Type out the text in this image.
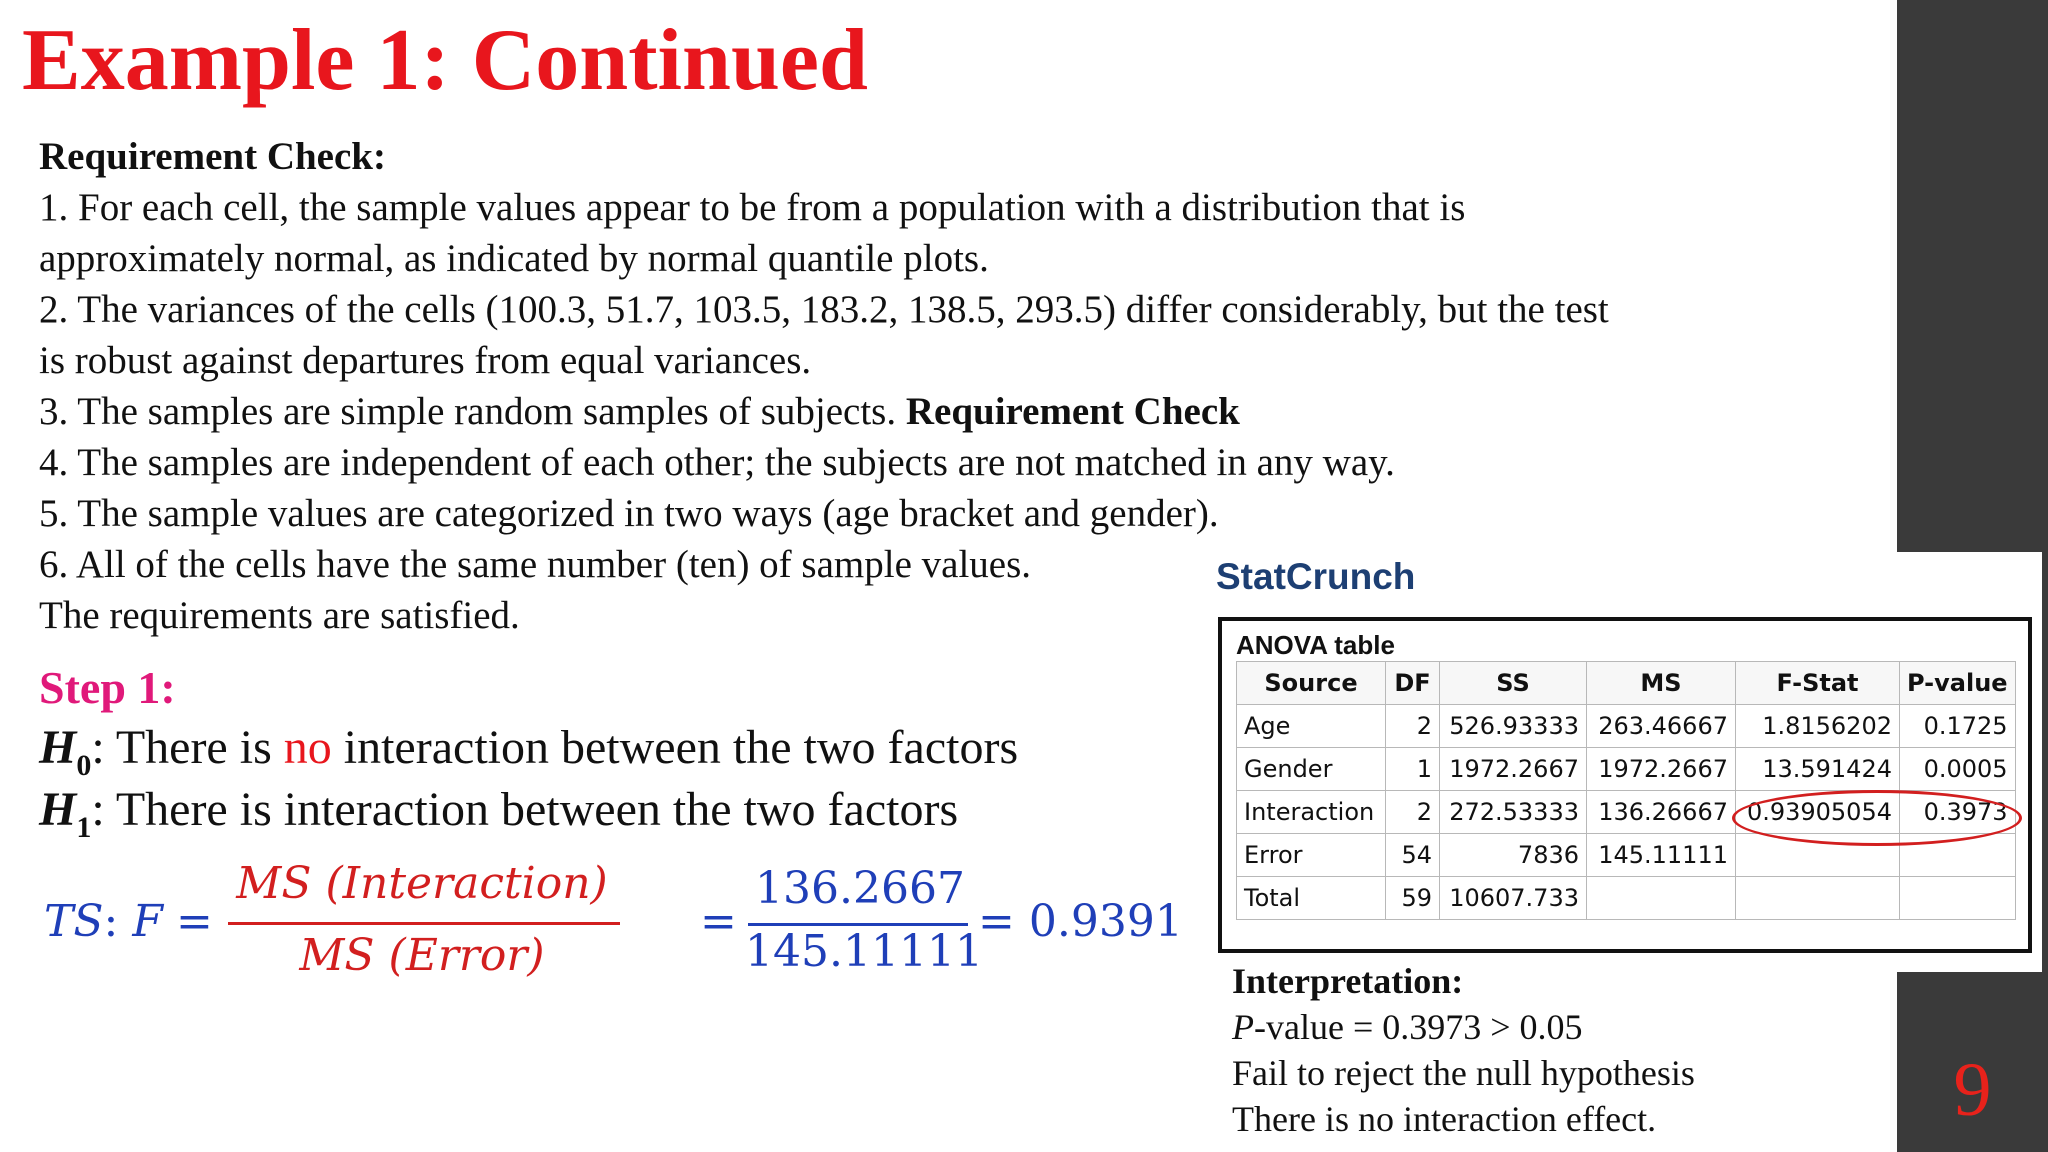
9
Example 1: Continued
Requirement Check:
1. For each cell, the sample values appear to be from a population with a distribution that is
approximately normal, as indicated by normal quantile plots.
2. The variances of the cells (100.3, 51.7, 103.5, 183.2, 138.5, 293.5) differ considerably, but the test
is robust against departures from equal variances.
3. The samples are simple random samples of subjects. Requirement Check
4. The samples are independent of each other; the subjects are not matched in any way.
5. The sample values are categorized in two ways (age bracket and gender).
6. All of the cells have the same number (ten) of sample values.
The requirements are satisfied.
Step 1:
$H_0$: There is no interaction between the two factors
$H_1$: There is interaction between the two factors
TS: F =
MS (Interaction)
MS (Error)
=
136.2667
145.11111
= 0.9391
StatCrunch
ANOVA table
Source	DF	SS	MS	F-Stat	P-value
Age	2	526.93333	263.46667	1.8156202	0.1725
Gender	1	1972.2667	1972.2667	13.591424	0.0005
Interaction	2	272.53333	136.26667	0.93905054	0.3973
Error	54	7836	145.11111		
Total	59	10607.733			
Interpretation:
P-value = 0.3973 > 0.05
Fail to reject the null hypothesis
There is no interaction effect.
